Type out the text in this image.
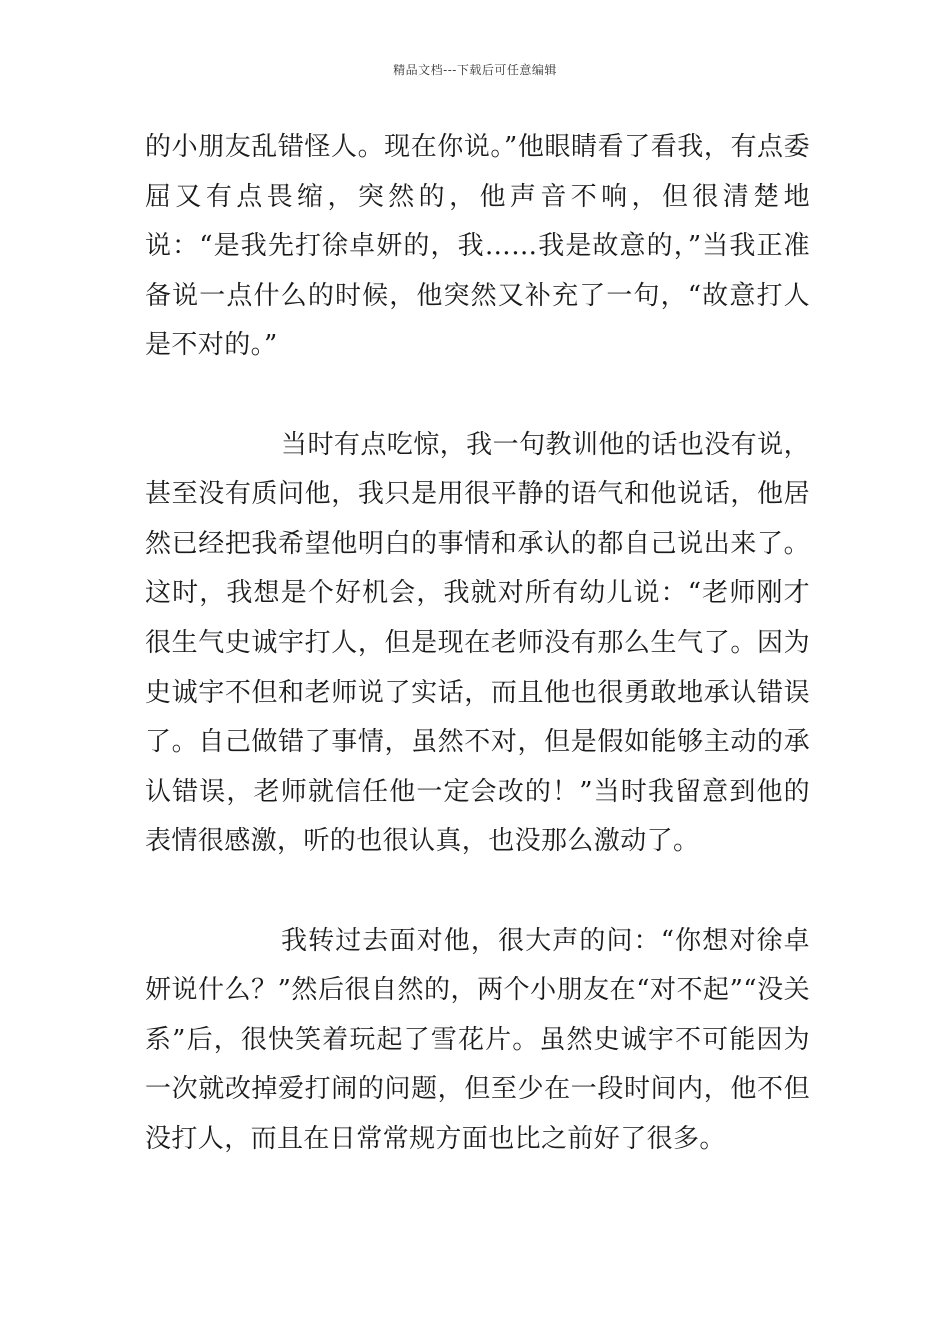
精品文档---下载后可任意编辑

的小朋友乱错怪人。现在你说。”他眼睛看了看我，有点委屈又有点畏缩，突然的，他声音不响，但很清楚地说：“是我先打徐卓妍的，我……我是故意的，”当我正准备说一点什么的时候，他突然又补充了一句，“故意打人是不对的。”

当时有点吃惊，我一句教训他的话也没有说，甚至没有质问他，我只是用很平静的语气和他说话，他居然已经把我希望他明白的事情和承认的都自己说出来了。这时，我想是个好机会，我就对所有幼儿说：“老师刚才很生气史诚宇打人，但是现在老师没有那么生气了。因为史诚宇不但和老师说了实话，而且他也很勇敢地承认错误了。自己做错了事情，虽然不对，但是假如能够主动的承认错误，老师就信任他一定会改的！”当时我留意到他的表情很感激，听的也很认真，也没那么激动了。

我转过去面对他，很大声的问：“你想对徐卓妍说什么？”然后很自然的，两个小朋友在“对不起”“没关系”后，很快笑着玩起了雪花片。虽然史诚宇不可能因为一次就改掉爱打闹的问题，但至少在一段时间内，他不但没打人，而且在日常常规方面也比之前好了很多。
